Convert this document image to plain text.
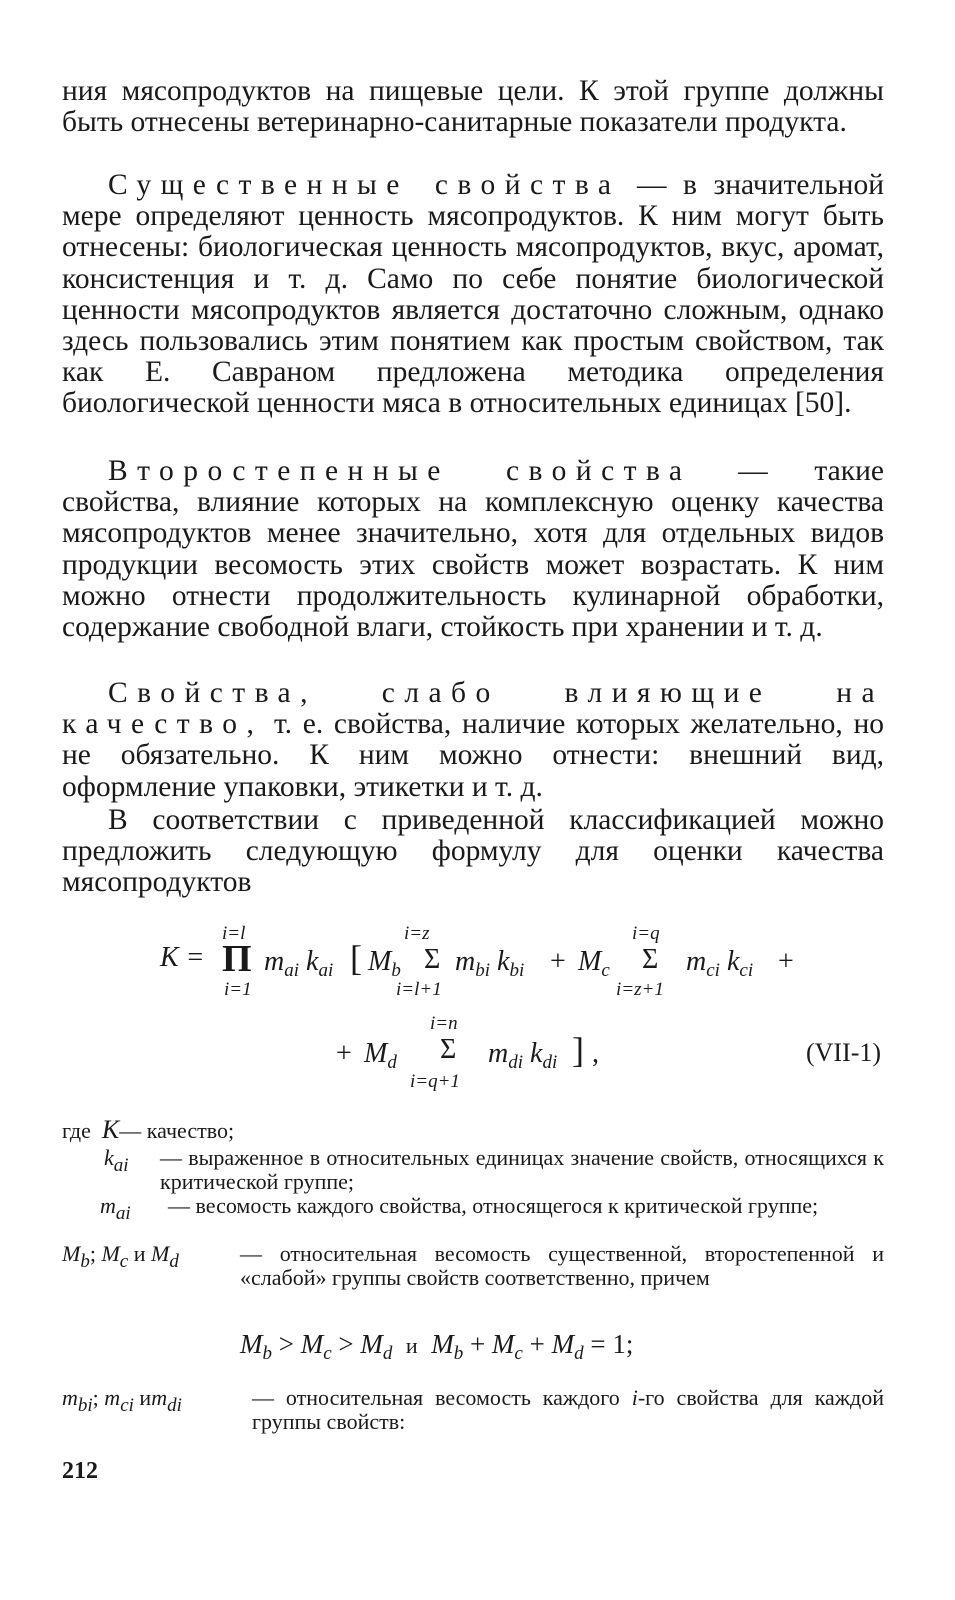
ния мясопродуктов на пищевые цели. К этой группе должны быть отнесены ветеринарно-санитарные показатели продукта.
Существенные свойства — в значительной мере определяют ценность мясопродуктов. К ним могут быть отнесены: биологическая ценность мясопродуктов, вкус, аромат, консистенция и т. д. Само по себе понятие биологической ценности мясопродуктов является достаточно сложным, однако здесь пользовались этим понятием как простым свойством, так как Е. Савраном предложена методика определения биологической ценности мяса в относительных единицах [50].
Второстепенные свойства — такие свойства, влияние которых на комплексную оценку качества мясопродуктов менее значительно, хотя для отдельных видов продукции весомость этих свойств может возрастать. К ним можно отнести продолжительность кулинарной обработки, содержание свободной влаги, стойкость при хранении и т. д.
Свойства, слабо влияющие на качество, т. е. свойства, наличие которых желательно, но не обязательно. К ним можно отнести: внешний вид, оформление упаковки, этикетки и т. д.
В соответствии с приведенной классификацией можно предложить следующую формулу для оценки качества мясопродуктов
K =
i=l
Π
i=1
$m_{ai}$ $k_{ai}$ [ $M_b$
i=z
Σ
i=l+1
$m_{bi}$ $k_{bi} + M_c$
i=q
Σ
i=z+1
$m_{ci}$ $k_{ci}$ +
+ $M_d$
i=n
Σ
i=q+1
$m_{di}$ $k_{di}$ ] ,	(VII-1)
где K— качество;
kai — выраженное в относительных единицах значение свойств, относящихся к критической группе;
mai — весомость каждого свойства, относящегося к критической группе;
Mb; Mc и Md	— относительная весомость существенной, второстепенной и «слабой» группы свойств соответственно, причем
$M_b > M_c > M_d$ и $M_b + M_c + M_d = 1$;
mbi; mci иmdi	— относительная весомость каждого i-го свойства для каждой группы свойств:
212
